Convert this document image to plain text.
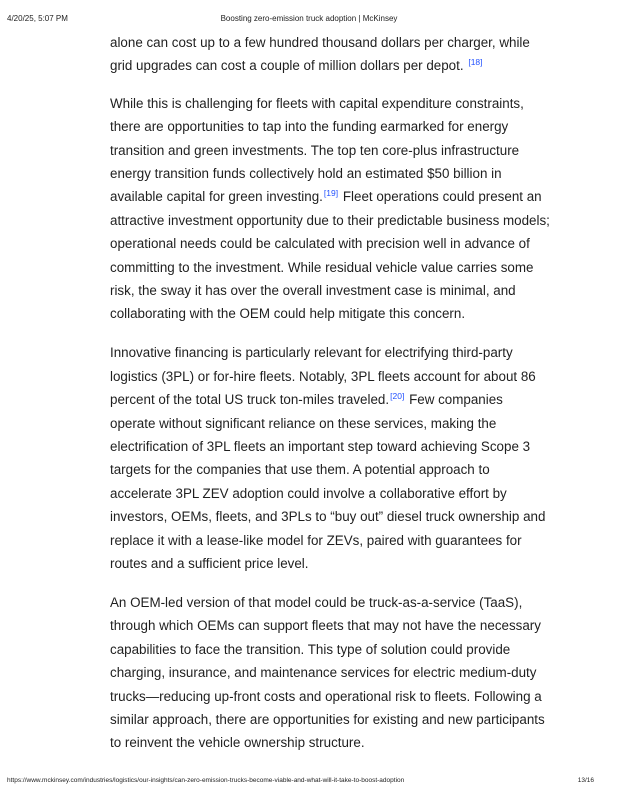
4/20/25, 5:07 PM	Boosting zero-emission truck adoption | McKinsey

alone can cost up to a few hundred thousand dollars per charger, while grid upgrades can cost a couple of million dollars per depot. [18]

While this is challenging for fleets with capital expenditure constraints, there are opportunities to tap into the funding earmarked for energy transition and green investments. The top ten core-plus infrastructure energy transition funds collectively hold an estimated $50 billion in available capital for green investing.[19] Fleet operations could present an attractive investment opportunity due to their predictable business models; operational needs could be calculated with precision well in advance of committing to the investment. While residual vehicle value carries some risk, the sway it has over the overall investment case is minimal, and collaborating with the OEM could help mitigate this concern.

Innovative financing is particularly relevant for electrifying third-party logistics (3PL) or for-hire fleets. Notably, 3PL fleets account for about 86 percent of the total US truck ton-miles traveled.[20] Few companies operate without significant reliance on these services, making the electrification of 3PL fleets an important step toward achieving Scope 3 targets for the companies that use them. A potential approach to accelerate 3PL ZEV adoption could involve a collaborative effort by investors, OEMs, fleets, and 3PLs to “buy out” diesel truck ownership and replace it with a lease-like model for ZEVs, paired with guarantees for routes and a sufficient price level.

An OEM-led version of that model could be truck-as-a-service (TaaS), through which OEMs can support fleets that may not have the necessary capabilities to face the transition. This type of solution could provide charging, insurance, and maintenance services for electric medium-duty trucks—reducing up-front costs and operational risk to fleets. Following a similar approach, there are opportunities for existing and new participants to reinvent the vehicle ownership structure.

https://www.mckinsey.com/industries/logistics/our-insights/can-zero-emission-trucks-become-viable-and-what-will-it-take-to-boost-adoption	13/16
